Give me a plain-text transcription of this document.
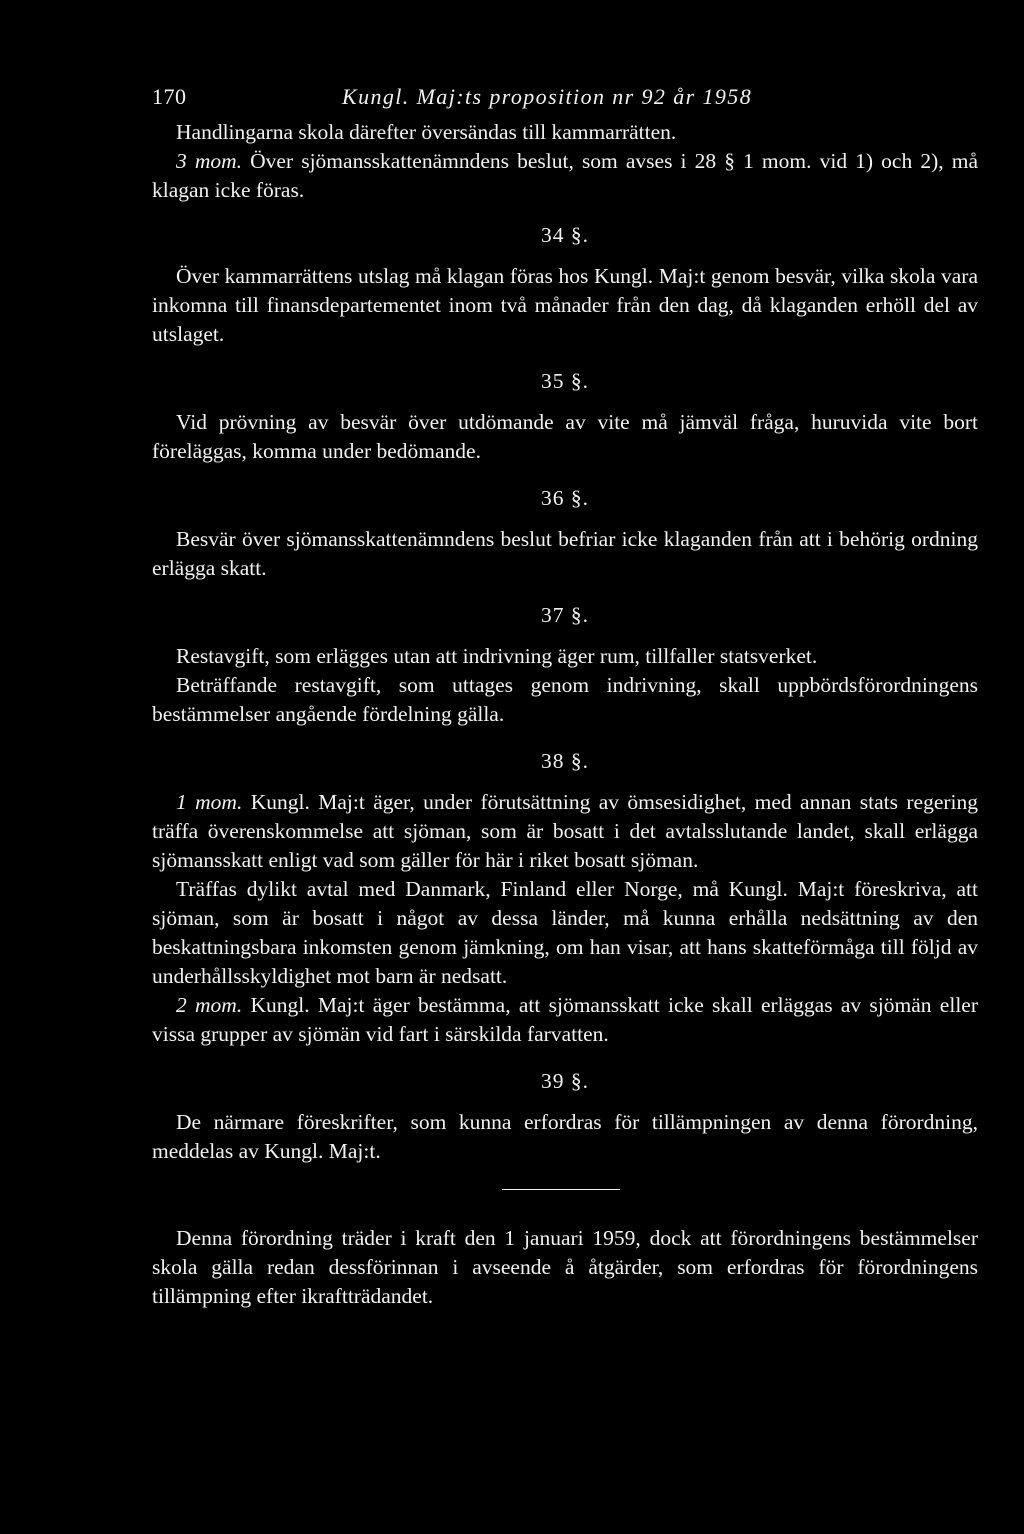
170	Kungl. Maj:ts proposition nr 92 år 1958

Handlingarna skola därefter översändas till kammarrätten.

3 mom. Över sjömansskattenämndens beslut, som avses i 28 § 1 mom. vid 1) och 2), må klagan icke föras.

34 §.

Över kammarrättens utslag må klagan föras hos Kungl. Maj:t genom besvär, vilka skola vara inkomna till finansdepartementet inom två månader från den dag, då klaganden erhöll del av utslaget.

35 §.

Vid prövning av besvär över utdömande av vite må jämväl fråga, huruvida vite bort föreläggas, komma under bedömande.

36 §.

Besvär över sjömansskattenämndens beslut befriar icke klaganden från att i behörig ordning erlägga skatt.

37 §.

Restavgift, som erlägges utan att indrivning äger rum, tillfaller statsverket.

Beträffande restavgift, som uttages genom indrivning, skall uppbördsförordningens bestämmelser angående fördelning gälla.

38 §.

1 mom. Kungl. Maj:t äger, under förutsättning av ömsesidighet, med annan stats regering träffa överenskommelse att sjöman, som är bosatt i det avtalsslutande landet, skall erlägga sjömansskatt enligt vad som gäller för här i riket bosatt sjöman.

Träffas dylikt avtal med Danmark, Finland eller Norge, må Kungl. Maj:t föreskriva, att sjöman, som är bosatt i något av dessa länder, må kunna erhålla nedsättning av den beskattningsbara inkomsten genom jämkning, om han visar, att hans skatteförmåga till följd av underhållsskyldighet mot barn är nedsatt.

2 mom. Kungl. Maj:t äger bestämma, att sjömansskatt icke skall erläggas av sjömän eller vissa grupper av sjömän vid fart i särskilda farvatten.

39 §.

De närmare föreskrifter, som kunna erfordras för tillämpningen av denna förordning, meddelas av Kungl. Maj:t.

Denna förordning träder i kraft den 1 januari 1959, dock att förordningens bestämmelser skola gälla redan dessförinnan i avseende å åtgärder, som erfordras för förordningens tillämpning efter ikraftträdandet.
